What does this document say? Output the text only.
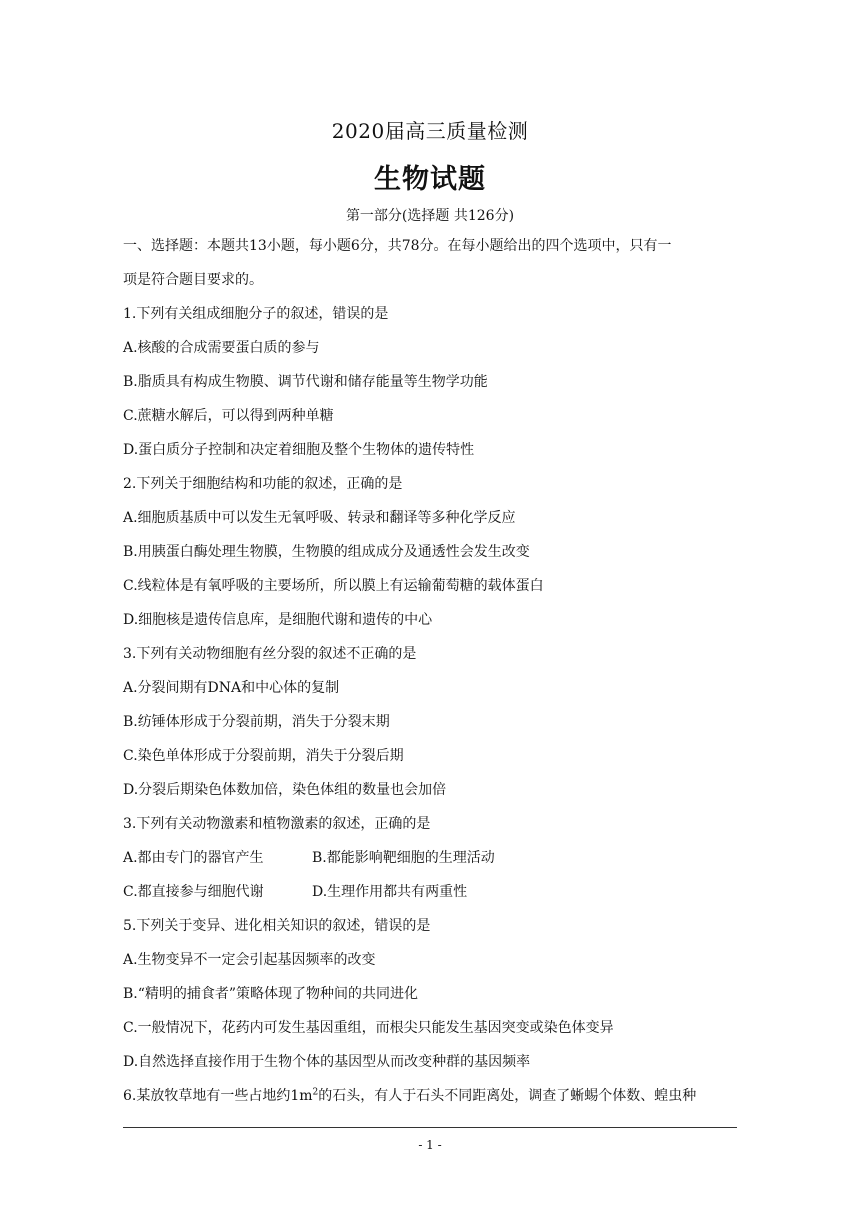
2020届高三质量检测
生物试题
第一部分(选择题 共126分)
一、选择题：本题共13小题，每小题6分，共78分。在每小题给出的四个选项中，只有一
项是符合题目要求的。
1.下列有关组成细胞分子的叙述，错误的是
A.核酸的合成需要蛋白质的参与
B.脂质具有构成生物膜、调节代谢和储存能量等生物学功能
C.蔗糖水解后，可以得到两种单糖
D.蛋白质分子控制和决定着细胞及整个生物体的遗传特性
2.下列关于细胞结构和功能的叙述，正确的是
A.细胞质基质中可以发生无氧呼吸、转录和翻译等多种化学反应
B.用胰蛋白酶处理生物膜，生物膜的组成成分及通透性会发生改变
C.线粒体是有氧呼吸的主要场所，所以膜上有运输葡萄糖的载体蛋白
D.细胞核是遗传信息库，是细胞代谢和遗传的中心
3.下列有关动物细胞有丝分裂的叙述不正确的是
A.分裂间期有DNA和中心体的复制
B.纺锤体形成于分裂前期，消失于分裂末期
C.染色单体形成于分裂前期，消失于分裂后期
D.分裂后期染色体数加倍，染色体组的数量也会加倍
3.下列有关动物激素和植物激素的叙述，正确的是
A.都由专门的器官产生	B.都能影响靶细胞的生理活动
C.都直接参与细胞代谢	D.生理作用都共有两重性
5.下列关于变异、进化相关知识的叙述，错误的是
A.生物变异不一定会引起基因频率的改变
B.“精明的捕食者”策略体现了物种间的共同进化
C.一般情况下，花药内可发生基因重组，而根尖只能发生基因突变或染色体变异
D.自然选择直接作用于生物个体的基因型从而改变种群的基因频率
6.某放牧草地有一些占地约$1m^2$的石头，有人于石头不同距离处，调查了蜥蜴个体数、蝗虫种
- 1 -
